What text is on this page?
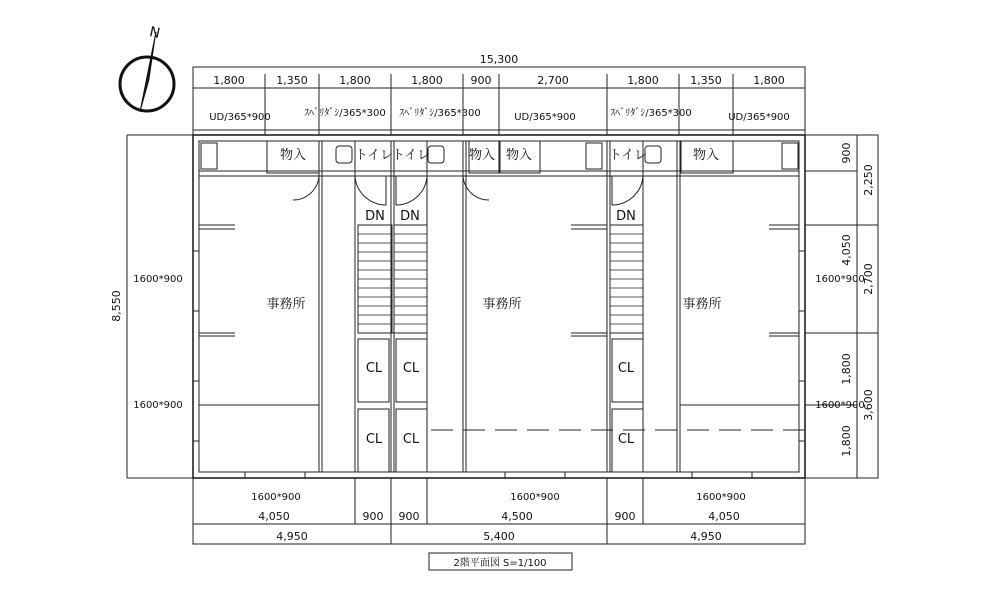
N
15,300
1,800	1,350	1,800	1,800	900	2,700	1,800	1,350	1,800
UD/365*900	ｽﾍﾞﾘﾀﾞｼ/365*300 ｽﾍﾞﾘﾀﾞｼ/365*300	UD/365*900	ｽﾍﾞﾘﾀﾞｼ/365*300	UD/365*900
物入	トイレ
トイレ	物入 物入	トイレ	物入
DN DN	DN
事務所	事務所	事務所
CL CL
CL CL
CL
CL
1600*900
1600*900
1600*900
1600*900
1600*900	1600*900	1600*900
4,050	900 900	4,500	900	4,050
4,950	5,400	4,950
8,550
900
4,050
1,800
1,800
2,250
2,700
3,600
2階平面図 S=1/100
